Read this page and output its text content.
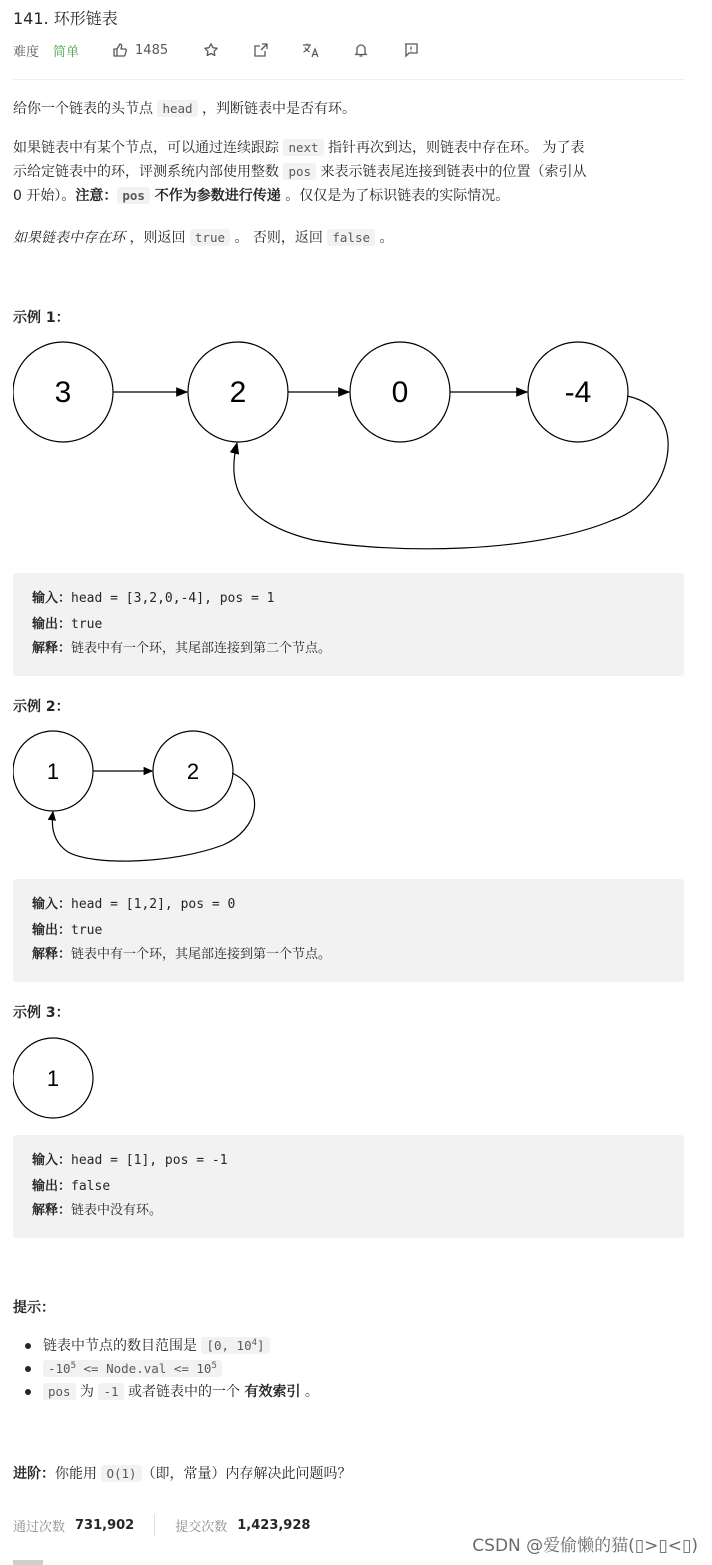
141. 环形链表
难度 简单	1485
给你一个链表的头节点 head ，判断链表中是否有环。
如果链表中有某个节点，可以通过连续跟踪 next 指针再次到达，则链表中存在环。 为了表
示给定链表中的环，评测系统内部使用整数 pos 来表示链表尾连接到链表中的位置（索引从
0 开始）。注意： pos 不作为参数进行传递 。仅仅是为了标识链表的实际情况。
如果链表中存在环 ，则返回 true 。 否则，返回 false 。
示例 1：
3	2	0	-4
输入：head = [3,2,0,-4], pos = 1
输出：true
解释：链表中有一个环，其尾部连接到第二个节点。
示例 2：
1	2
输入：head = [1,2], pos = 0
输出：true
解释：链表中有一个环，其尾部连接到第一个节点。
示例 3：
1
输入：head = [1], pos = -1
输出：false
解释：链表中没有环。
提示：
链表中节点的数目范围是 [0, $10^4$]
$-10^5$ <= Node.val <= $10^5$
pos 为 -1 或者链表中的一个 有效索引 。
进阶：你能用 O(1) （即，常量）内存解决此问题吗？
通过次数 731,902	提交次数 1,423,928
CSDN @爱偷懒的猫(▯>▯<▯)
